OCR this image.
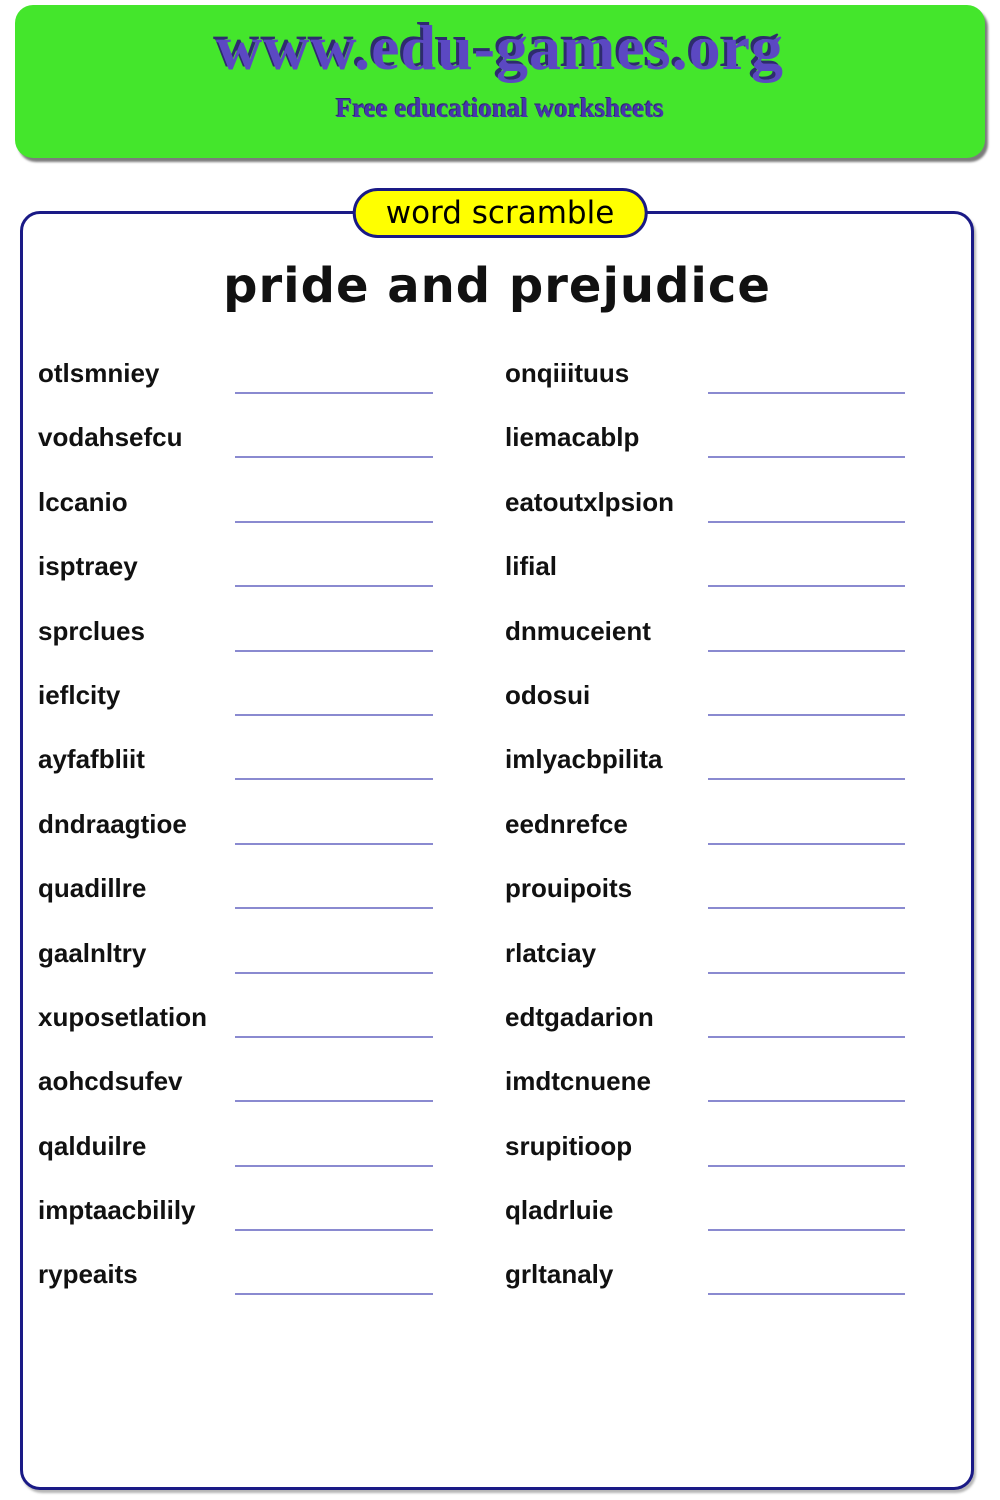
www.edu-games.org
Free educational worksheets
word scramble
pride and prejudice
otlsmniey
vodahsefcu
lccanio
isptraey
sprclues
ieflcity
ayfafbliit
dndraagtioe
quadillre
gaalnltry
xuposetlation
aohcdsufev
qalduilre
imptaacbilily
rypeaits
onqiiituus
liemacablp
eatoutxlpsion
lifial
dnmuceient
odosui
imlyacbpilita
eednrefce
prouipoits
rlatciay
edtgadarion
imdtcnuene
srupitioop
qladrluie
grltanaly
